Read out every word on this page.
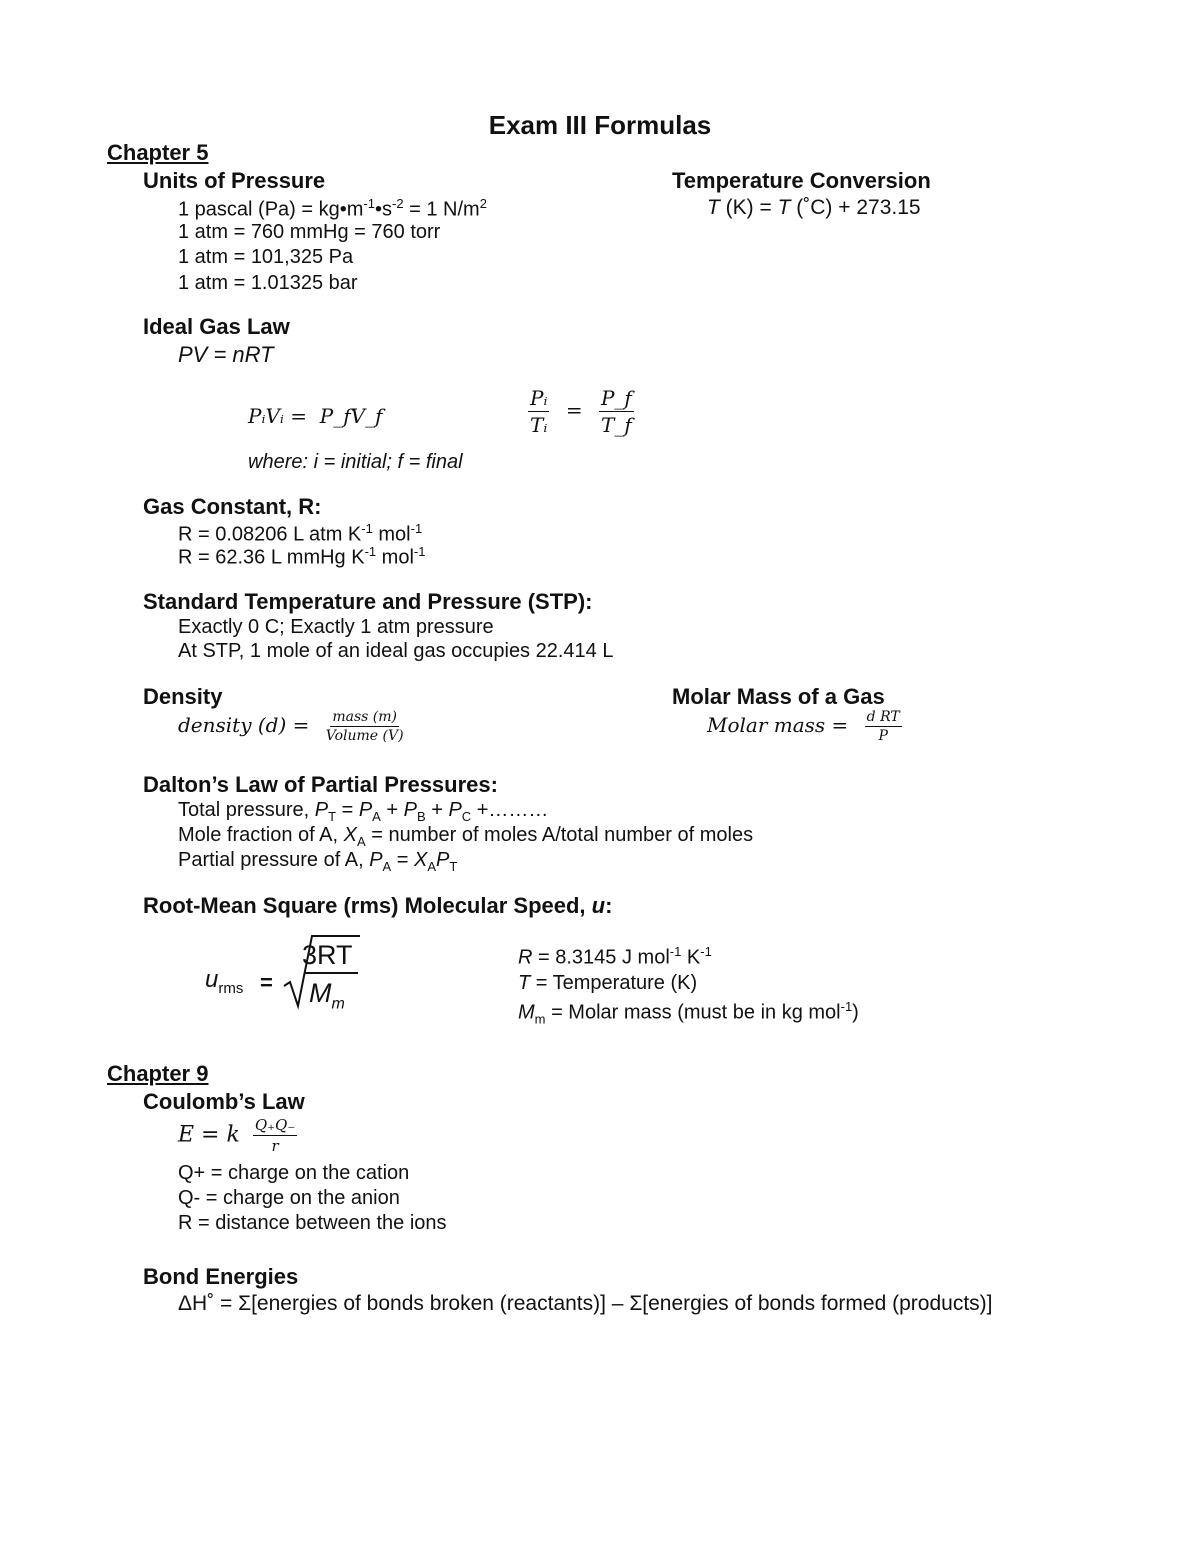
Exam III Formulas
Chapter 5
Units of Pressure
1 pascal $(Pa) = kg•m^{-1}•s^{-2} = 1$ $N/m^2$
1 atm = 760 mmHg = 760 torr
1 atm = 101,325 Pa
1 atm = 1.01325 bar
Temperature Conversion
T (K) = T (˚C) + 273.15
Ideal Gas Law
PV = nRT
PᵢVᵢ = P_fV_f	$\frac{\text{Pᵢ}}{\text{Tᵢ}} = \frac{P\_f}{T\_f}$
where: i = initial; f = final
Gas Constant, R:
R = 0.08206 L atm $K^{-1}$ mol$^{-1}$
R = 62.36 L mmHg $K^{-1}$ mol$^{-1}$
Standard Temperature and Pressure (STP):
Exactly 0 C; Exactly 1 atm pressure
At STP, 1 mole of an ideal gas occupies 22.414 L
Density
density $(d) = \frac{\text{mass (m)}}{\text{Volume (V)}}$
Molar Mass of a Gas
Molar mass = $\frac{\text{d RT}}{P}$
Dalton’s Law of Partial Pressures:
Total pressure, $P_T = P_A + P_B + P_C$ +………
Mole fraction of A, $X_A$ = number of moles A/total number of moles
Partial pressure of A, $P_A = X_AP_T$
Root-Mean Square (rms) Molecular Speed, u:
$u_{rms}$ =
3RT
$M_m$
R = 8.3145 J mol$^{-1}$ $K^{-1}$
T = Temperature (K)
$M_m$ = Molar mass (must be in kg mol$^{-1}$)
Chapter 9
Coulomb’s Law
E = k $\frac{Q_+Q_-}{r}$
Q+ = charge on the cation
Q- = charge on the anion
R = distance between the ions
Bond Energies
ΔH˚ = Σ[energies of bonds broken (reactants)] – Σ[energies of bonds formed (products)]
